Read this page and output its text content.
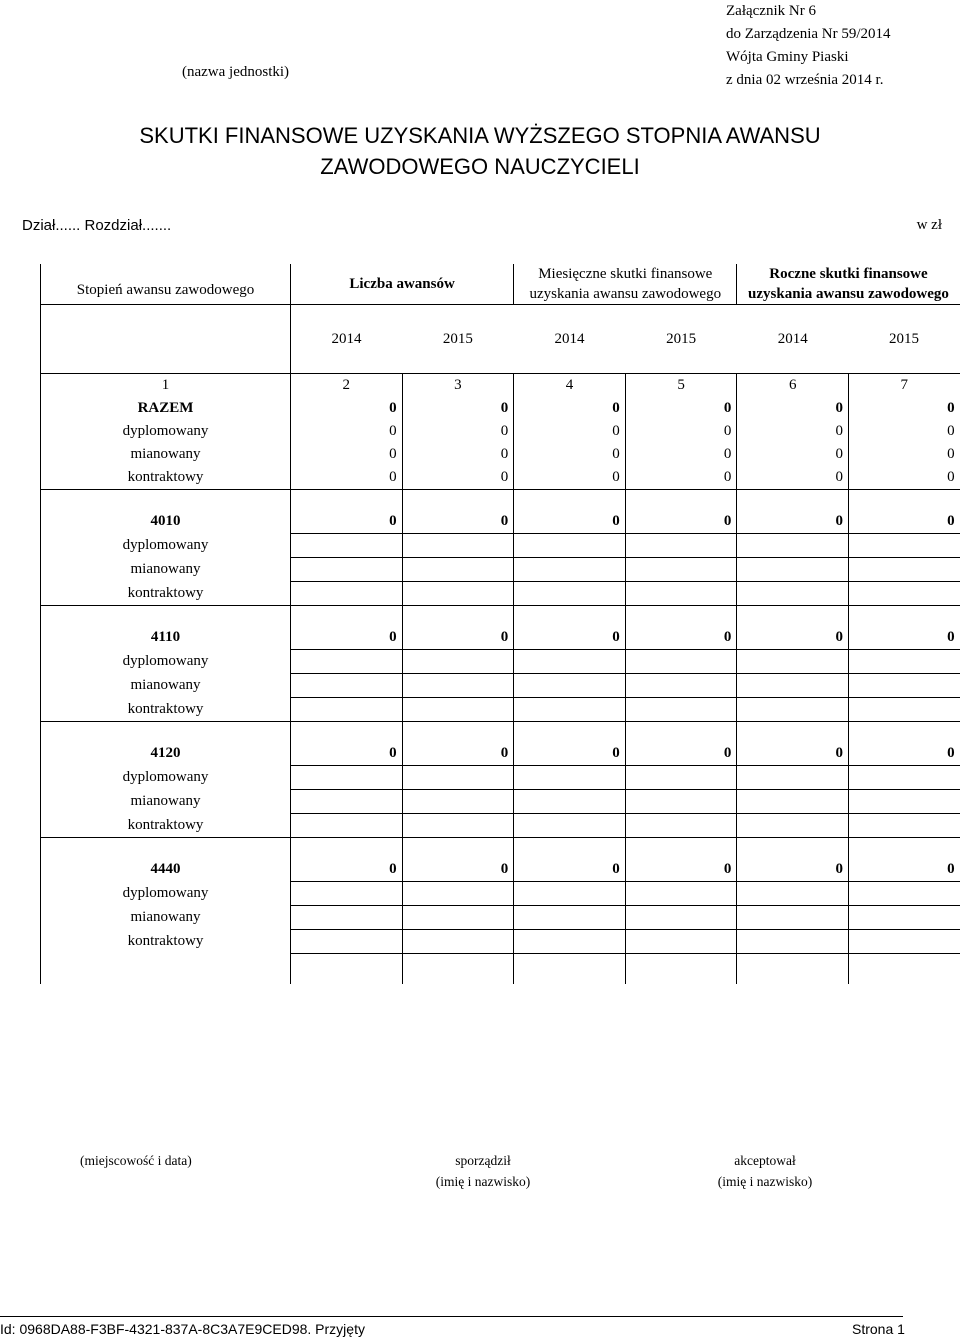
Załącznik Nr 6
do Zarządzenia Nr 59/2014
Wójta Gminy Piaski
z dnia 02 września 2014 r.
(nazwa jednostki)
SKUTKI FINANSOWE UZYSKANIA WYŻSZEGO STOPNIA AWANSU
ZAWODOWEGO NAUCZYCIELI
Dział...... Rozdział.......	w zł
Stopień awansu zawodowego	Liczba awansów		Miesięczne skutki finansowe uzyskania awansu zawodowego		Roczne skutki finansowe uzyskania awansu zawodowego	
	2014	2015	2014	2015	2014	2015
1	2	3	4	5	6	7
RAZEM	0	0	0	0	0	0
dyplomowany	0	0	0	0	0	0
mianowany	0	0	0	0	0	0
kontraktowy	0	0	0	0	0	0

4010	0	0	0	0	0	0
dyplomowany						
mianowany						
kontraktowy						

4110	0	0	0	0	0	0
dyplomowany						
mianowany						
kontraktowy						

4120	0	0	0	0	0	0
dyplomowany						
mianowany						
kontraktowy						

4440	0	0	0	0	0	0
dyplomowany						
mianowany						
kontraktowy						

(miejscowość i data)	sporządził
(imię i nazwisko)
akceptował
(imię i nazwisko)
Id: 0968DA88-F3BF-4321-837A-8C3A7E9CED98. Przyjęty	Strona 1
